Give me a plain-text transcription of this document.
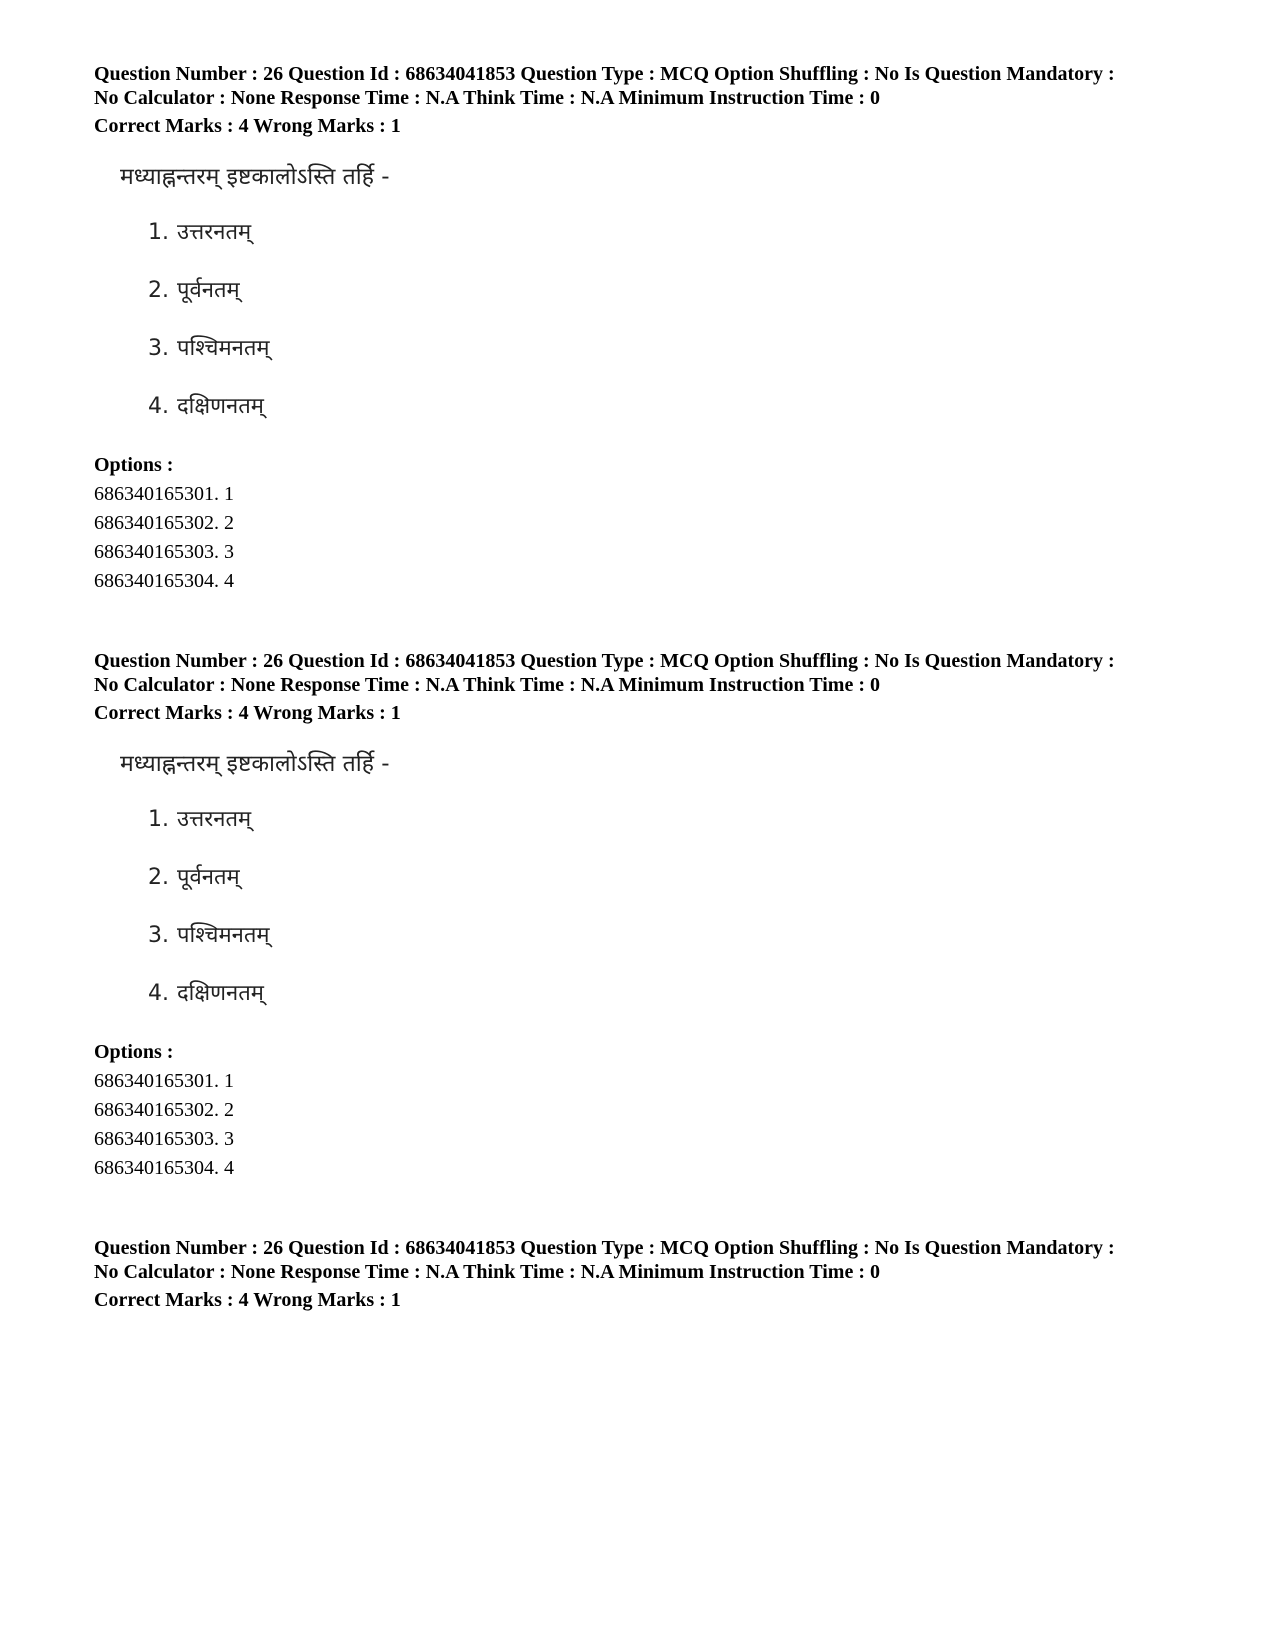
Question Number : 26 Question Id : 68634041853 Question Type : MCQ Option Shuffling : No Is Question Mandatory :

No Calculator : None Response Time : N.A Think Time : N.A Minimum Instruction Time : 0

Correct Marks : 4 Wrong Marks : 1

मध्याह्नन्तरम् इष्टकालोऽस्ति तर्हि -
1. उत्तरनतम्
2. पूर्वनतम्
3. पश्चिमनतम्
4. दक्षिणनतम्
Options :
686340165301. 1
686340165302. 2
686340165303. 3
686340165304. 4

Question Number : 26 Question Id : 68634041853 Question Type : MCQ Option Shuffling : No Is Question Mandatory :

No Calculator : None Response Time : N.A Think Time : N.A Minimum Instruction Time : 0

Correct Marks : 4 Wrong Marks : 1

मध्याह्नन्तरम् इष्टकालोऽस्ति तर्हि -
1. उत्तरनतम्
2. पूर्वनतम्
3. पश्चिमनतम्
4. दक्षिणनतम्
Options :
686340165301. 1
686340165302. 2
686340165303. 3
686340165304. 4

Question Number : 26 Question Id : 68634041853 Question Type : MCQ Option Shuffling : No Is Question Mandatory :

No Calculator : None Response Time : N.A Think Time : N.A Minimum Instruction Time : 0

Correct Marks : 4 Wrong Marks : 1
